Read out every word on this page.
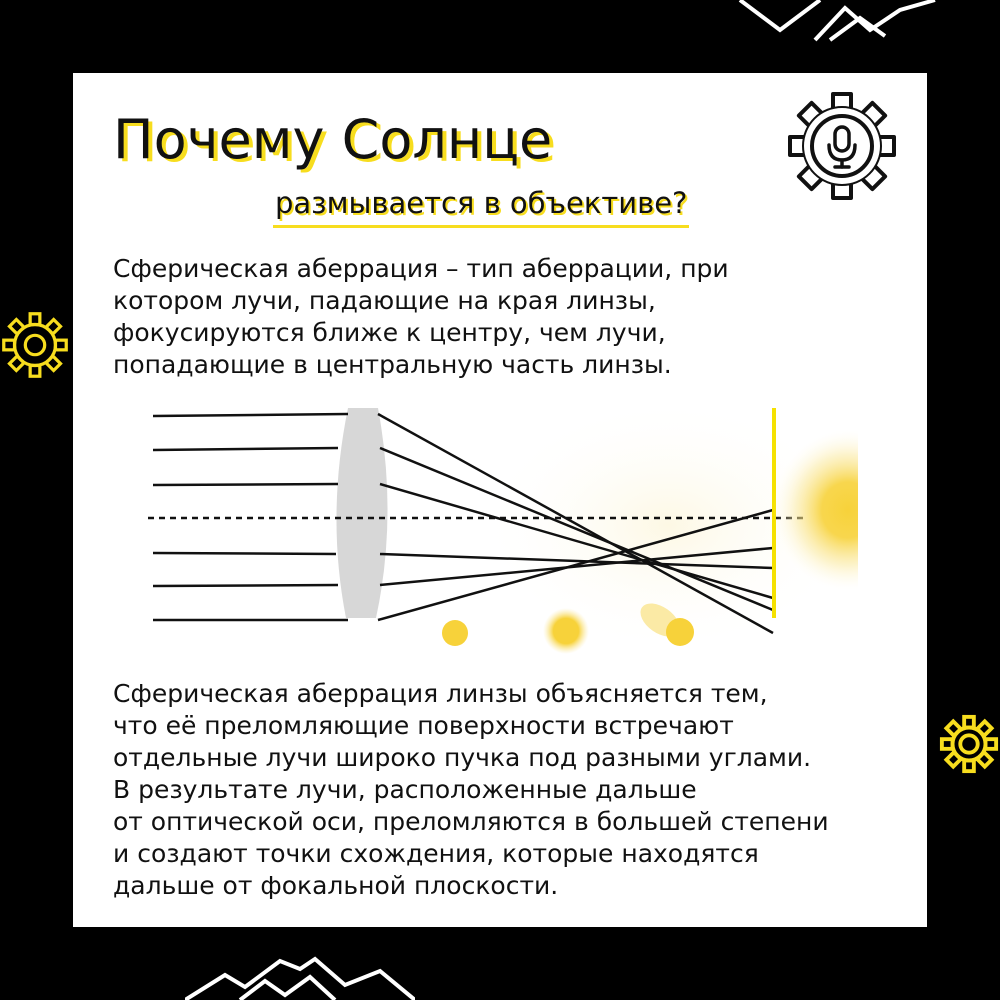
Почему Солнце
размывается в объективе?

Сферическая аберрация – тип аберрации, при
котором лучи, падающие на края линзы,
фокусируются ближе к центру, чем лучи,
попадающие в центральную часть линзы.

Сферическая аберрация линзы объясняется тем,
что её преломляющие поверхности встречают
отдельные лучи широко пучка под разными углами.
В результате лучи, расположенные дальше
от оптической оси, преломляются в большей степени
и создают точки схождения, которые находятся
дальше от фокальной плоскости.
